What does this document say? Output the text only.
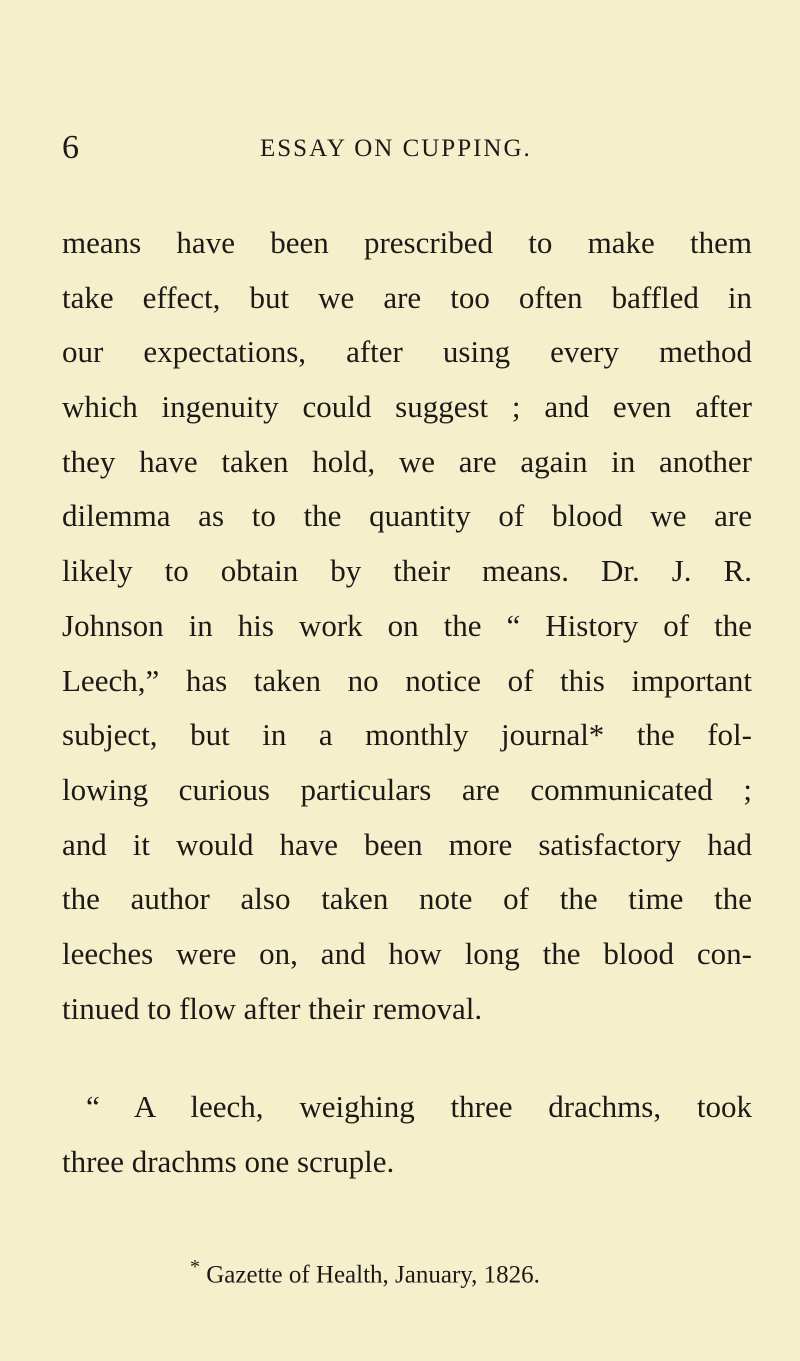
6	ESSAY ON CUPPING.
means have been prescribed to make them
take effect, but we are too often baffled in
our expectations, after using every method
which ingenuity could suggest ; and even after
they have taken hold, we are again in another
dilemma as to the quantity of blood we are
likely to obtain by their means. Dr. J. R.
Johnson in his work on the “ History of the
Leech,” has taken no notice of this important
subject, but in a monthly journal* the fol-
lowing curious particulars are communicated ;
and it would have been more satisfactory had
the author also taken note of the time the
leeches were on, and how long the blood con-
tinued to flow after their removal.
“ A leech, weighing three drachms, took
three drachms one scruple.
* Gazette of Health, January, 1826.
